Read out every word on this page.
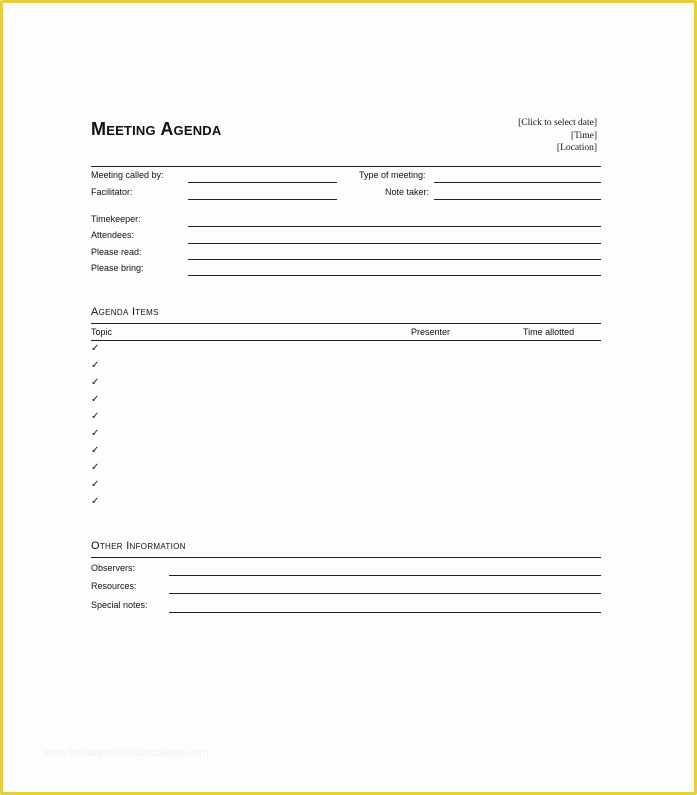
Meeting Agenda	[Click to select date]
[Time]
[Location]
Meeting called by:	Type of meeting:
Facilitator:	Note taker:
Timekeeper:
Attendees:
Please read:
Please bring:
Agenda Items
Topic	Presenter	Time allotted
✓
✓
✓
✓
✓
✓
✓
✓
✓
✓
Other Information
Observers:
Resources:
Special notes:
www.heritagechristiancollege.com
